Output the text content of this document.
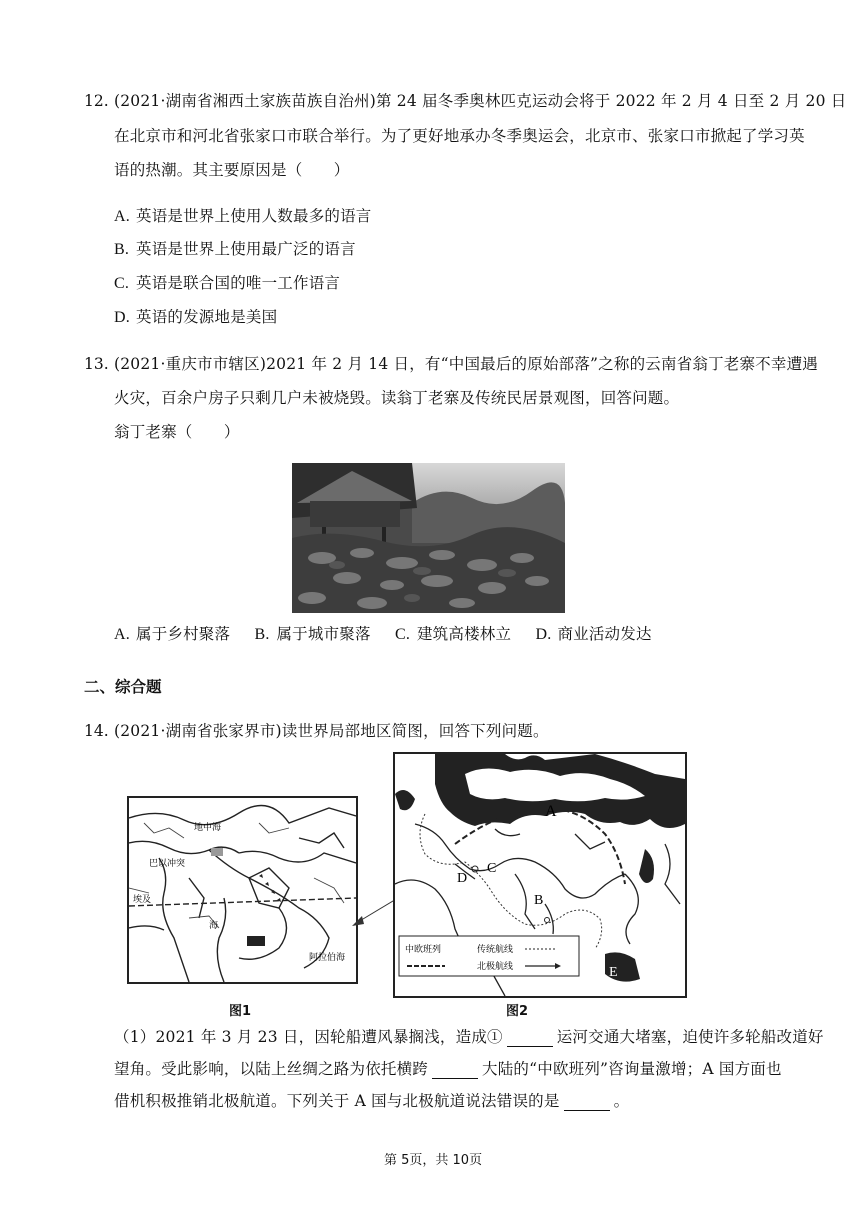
12. (2021·湖南省湘西土家族苗族自治州)第 24 届冬季奥林匹克运动会将于 2022 年 2 月 4 日至 2 月 20 日
在北京市和河北省张家口市联合举行。为了更好地承办冬季奥运会，北京市、张家口市掀起了学习英
语的热潮。其主要原因是（　　）
A. 英语是世界上使用人数最多的语言
B. 英语是世界上使用最广泛的语言
C. 英语是联合国的唯一工作语言
D. 英语的发源地是美国
13. (2021·重庆市市辖区)2021 年 2 月 14 日，有“中国最后的原始部落”之称的云南省翁丁老寨不幸遭遇
火灾，百余户房子只剩几户未被烧毁。读翁丁老寨及传统民居景观图，回答问题。
翁丁老寨（　　）
A. 属于乡村聚落 B. 属于城市聚落 C. 建筑高楼林立 D. 商业活动发达
二、综合题
14. (2021·湖南省张家界市)读世界局部地区简图，回答下列问题。
地中海
巴以冲突
埃及
海
阿拉伯海
A
B
C
D
E
中欧班列	传统航线
北极航线
图1	图2
（1）2021 年 3 月 23 日，因轮船遭风暴搁浅，造成①	运河交通大堵塞，迫使许多轮船改道好
望角。受此影响，以陆上丝绸之路为依托横跨	大陆的“中欧班列”咨询量激增；A 国方面也
借机积极推销北极航道。下列关于 A 国与北极航道说法错误的是	。
第 5页，共 10页
